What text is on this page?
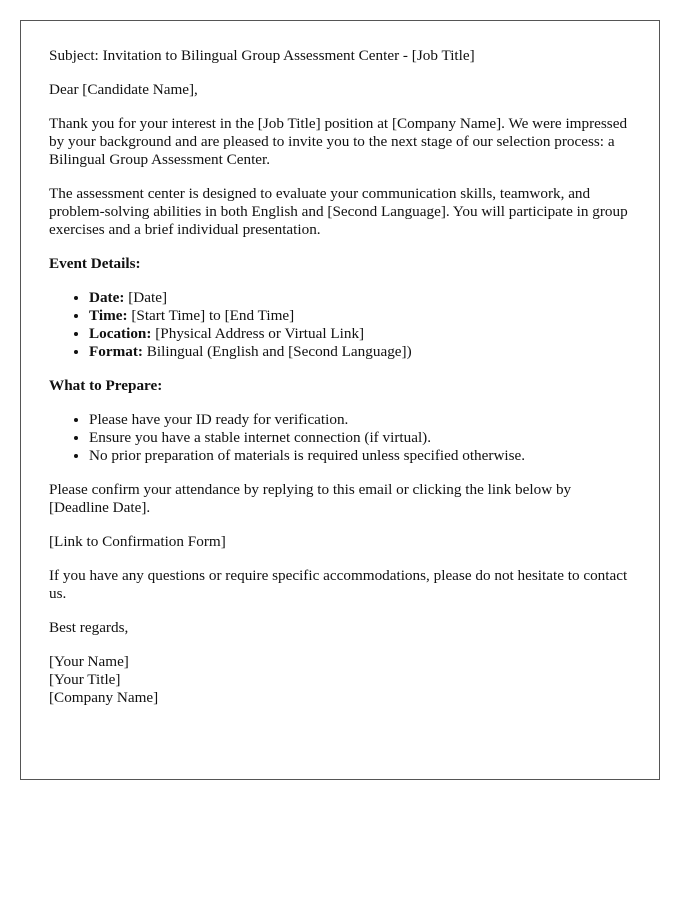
Subject: Invitation to Bilingual Group Assessment Center - [Job Title]

Dear [Candidate Name],

Thank you for your interest in the [Job Title] position at [Company Name]. We were impressed by your background and are pleased to invite you to the next stage of our selection process: a Bilingual Group Assessment Center.

The assessment center is designed to evaluate your communication skills, teamwork, and problem-solving abilities in both English and [Second Language]. You will participate in group exercises and a brief individual presentation.

Event Details:
• Date: [Date]
• Time: [Start Time] to [End Time]
• Location: [Physical Address or Virtual Link]
• Format: Bilingual (English and [Second Language])
What to Prepare:
• Please have your ID ready for verification.
• Ensure you have a stable internet connection (if virtual).
• No prior preparation of materials is required unless specified otherwise.

Please confirm your attendance by replying to this email or clicking the link below by [Deadline Date].

[Link to Confirmation Form]

If you have any questions or require specific accommodations, please do not hesitate to contact us.

Best regards,

[Your Name]
[Your Title]
[Company Name]
